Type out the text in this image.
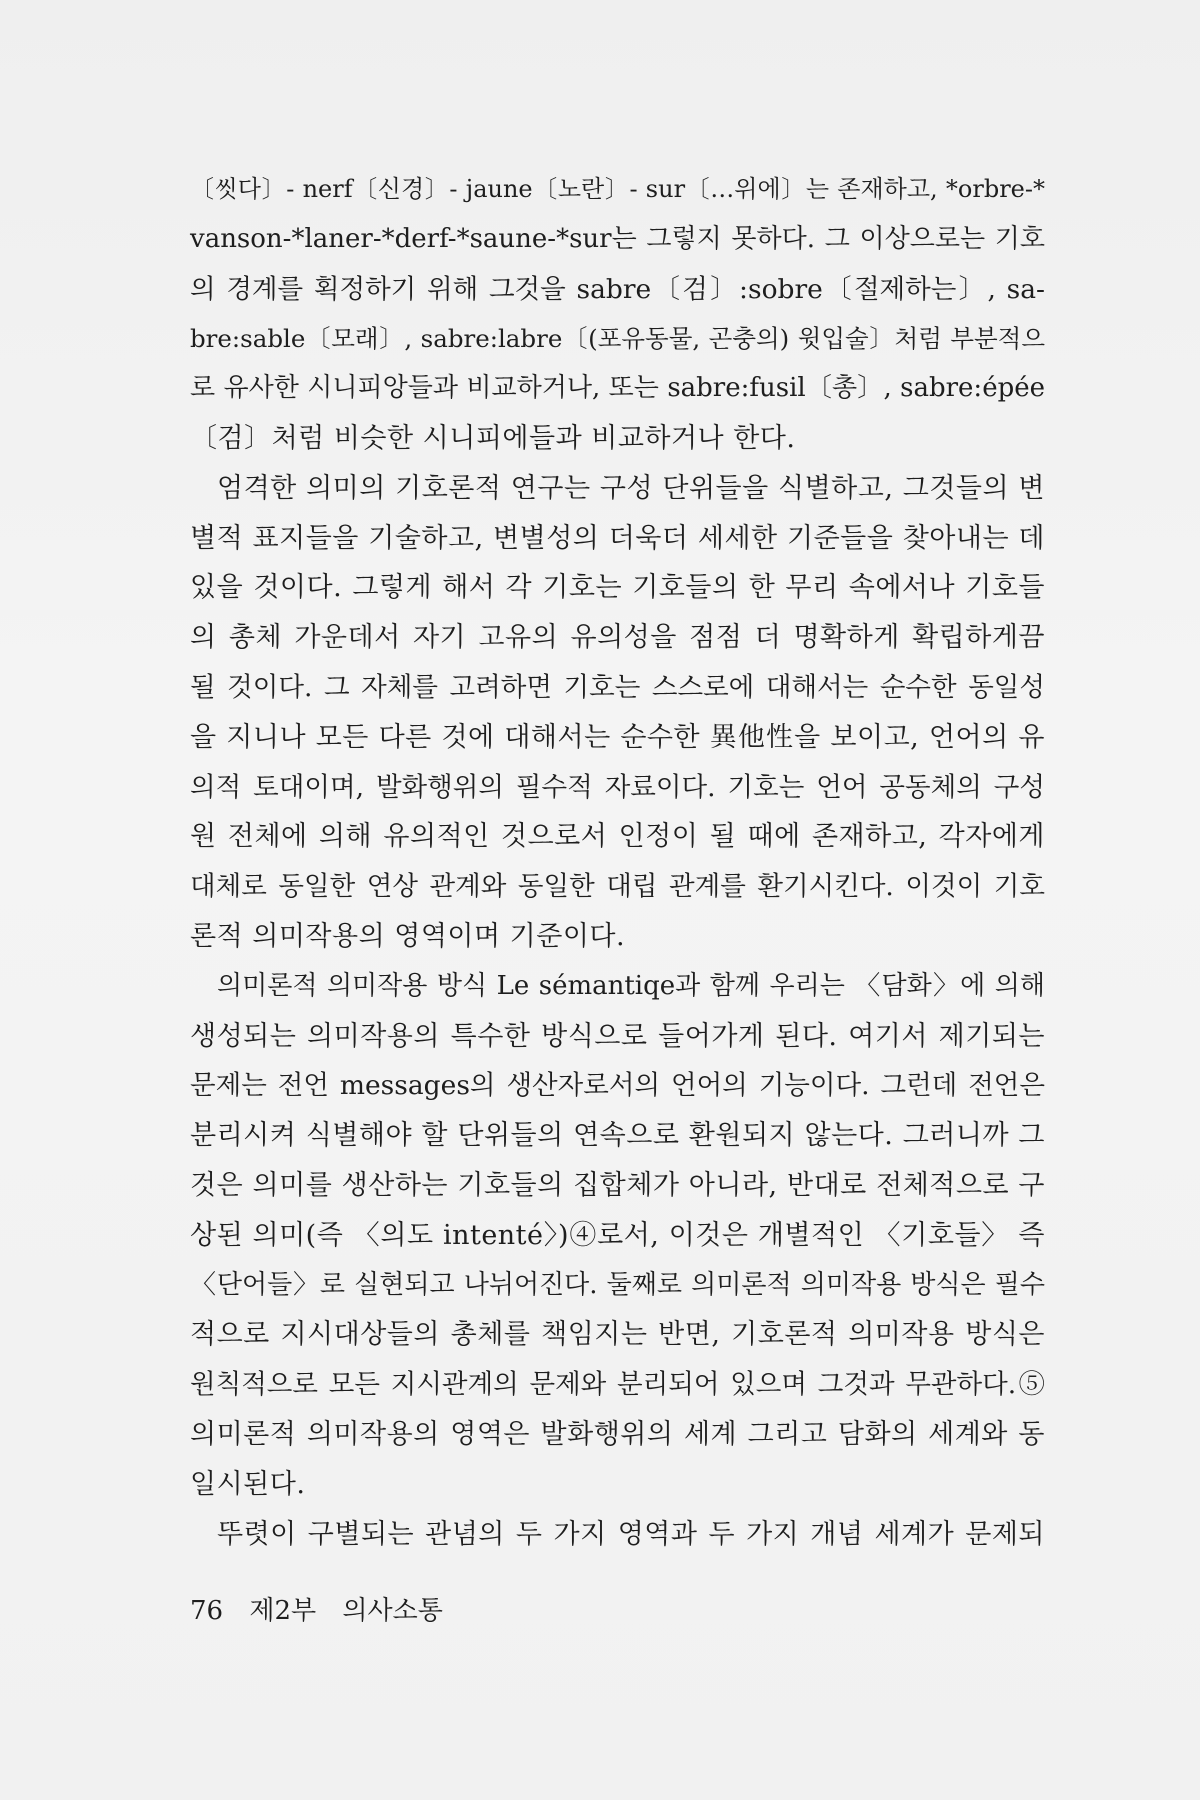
〔씻다〕- nerf〔신경〕- jaune〔노란〕- sur〔…위에〕는 존재하고, *orbre-*
vanson-*laner-*derf-*saune-*sur는 그렇지 못하다. 그 이상으로는 기호
의 경계를 획정하기 위해 그것을 sabre〔검〕:sobre〔절제하는〕, sa-
bre:sable〔모래〕, sabre:labre〔(포유동물, 곤충의) 윗입술〕처럼 부분적으
로 유사한 시니피앙들과 비교하거나, 또는 sabre:fusil〔총〕, sabre:épée
〔검〕처럼 비슷한 시니피에들과 비교하거나 한다.
엄격한 의미의 기호론적 연구는 구성 단위들을 식별하고, 그것들의 변
별적 표지들을 기술하고, 변별성의 더욱더 세세한 기준들을 찾아내는 데
있을 것이다. 그렇게 해서 각 기호는 기호들의 한 무리 속에서나 기호들
의 총체 가운데서 자기 고유의 유의성을 점점 더 명확하게 확립하게끔
될 것이다. 그 자체를 고려하면 기호는 스스로에 대해서는 순수한 동일성
을 지니나 모든 다른 것에 대해서는 순수한 異他性을 보이고, 언어의 유
의적 토대이며, 발화행위의 필수적 자료이다. 기호는 언어 공동체의 구성
원 전체에 의해 유의적인 것으로서 인정이 될 때에 존재하고, 각자에게
대체로 동일한 연상 관계와 동일한 대립 관계를 환기시킨다. 이것이 기호
론적 의미작용의 영역이며 기준이다.
의미론적 의미작용 방식 Le sémantiqe과 함께 우리는 〈담화〉에 의해
생성되는 의미작용의 특수한 방식으로 들어가게 된다. 여기서 제기되는
문제는 전언 messages의 생산자로서의 언어의 기능이다. 그런데 전언은
분리시켜 식별해야 할 단위들의 연속으로 환원되지 않는다. 그러니까 그
것은 의미를 생산하는 기호들의 집합체가 아니라, 반대로 전체적으로 구
상된 의미(즉 〈의도 intenté〉)④로서, 이것은 개별적인 〈기호들〉 즉
〈단어들〉로 실현되고 나뉘어진다. 둘째로 의미론적 의미작용 방식은 필수
적으로 지시대상들의 총체를 책임지는 반면, 기호론적 의미작용 방식은
원칙적으로 모든 지시관계의 문제와 분리되어 있으며 그것과 무관하다.⑤
의미론적 의미작용의 영역은 발화행위의 세계 그리고 담화의 세계와 동
일시된다.
뚜렷이 구별되는 관념의 두 가지 영역과 두 가지 개념 세계가 문제되
76 제2부 의사소통
